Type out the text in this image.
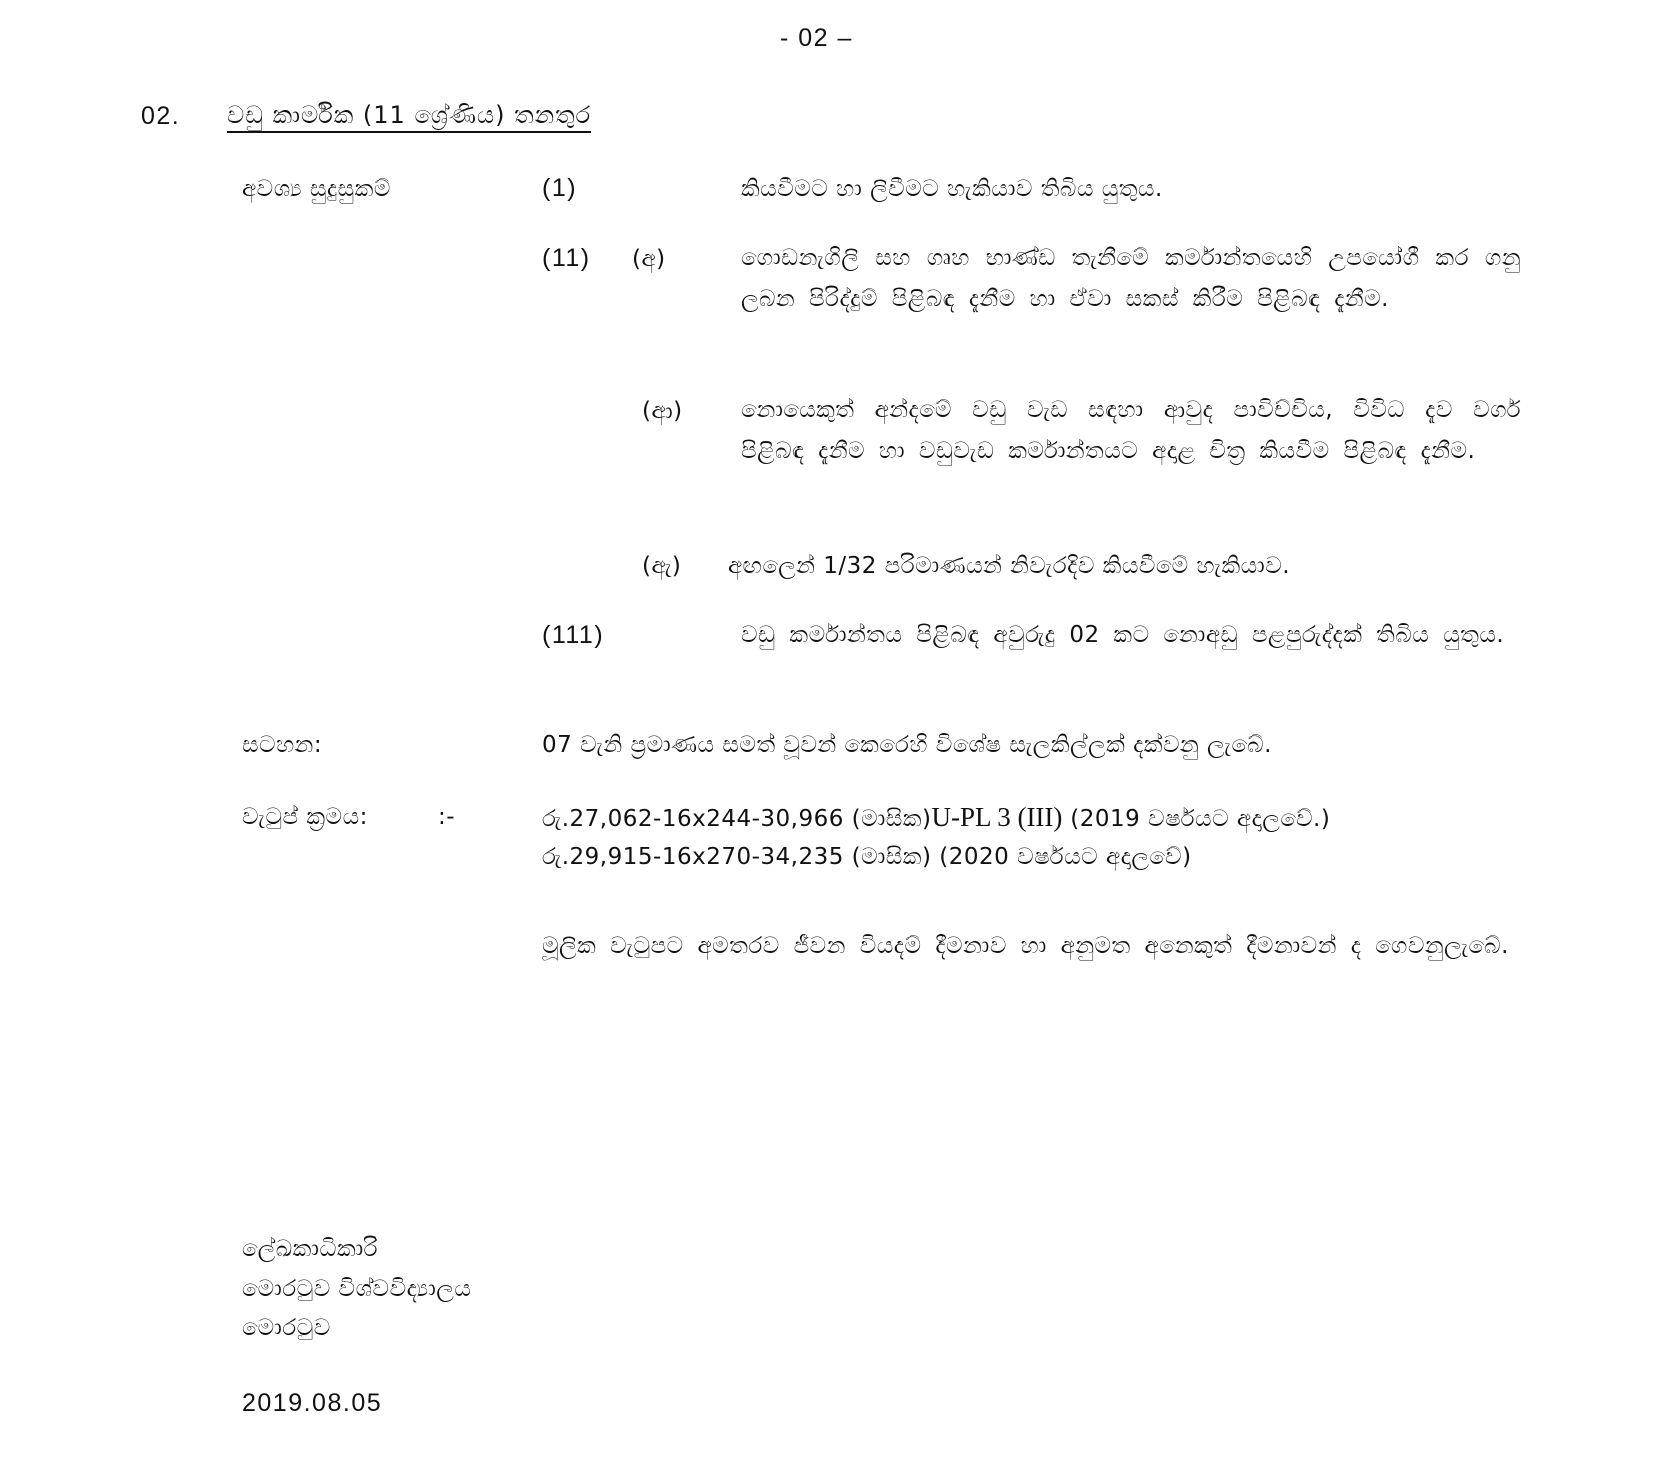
- 02 –
02. වඩු කාර්මික (11 ශ්‍රේණිය) තනතුර
අවශ්‍ය සුදුසුකම්	(1)	කියවීමට හා ලිවීමට හැකියාව තිබිය යුතුය.
(11) (අ)	ගොඩනැගිලි සහ ගෘහ භාණ්ඩ තැනීමේ කර්මාන්තයෙහි උපයෝගී කර ගනු ලබන පිරිද්දුම් පිළිබඳ දැනීම හා ඒවා සකස් කිරීම පිළිබඳ දැනීම.
(ආ)	නොයෙකුත් අන්දමේ වඩු වැඩ සඳහා ආවුද පාවිච්චිය, විවිධ දැව වර්ග පිළිබඳ දැනීම හා වඩුවැඩ කර්මාන්තයට අදාළ චිත්‍ර කියවීම පිළිබඳ දැනීම.
(ඇ) අඟලෙන් 1/32 පරිමාණයන් නිවැරදිව කියවීමේ හැකියාව.
(111)	වඩු කර්මාන්තය පිළිබඳ අවුරුදු 02 කට නොඅඩු පළපුරුද්දක් තිබිය යුතුය.
සටහන:	07 වැනි ප්‍රමාණය සමත් වූවන් කෙරෙහි විශේෂ සැලකිල්ලක් දක්වනු ලැබේ.
වැටුප් ක්‍රමය:	:-	රු.27,062-16x244-30,966 (මාසික)U-PL 3 (III) (2019 වර්ෂයට අදාලවේ.)
රු.29,915-16x270-34,235 (මාසික) (2020 වර්ෂයට අදාලවේ)
මූලික වැටුපට අමතරව ජීවන වියදම් දීමනාව හා අනුමත අනෙකුත් දීමනාවන් ද ගෙවනුලැබේ.
ලේඛකාධිකාරි
මොරටුව විශ්වවිද්‍යාලය
මොරටුව
2019.08.05
